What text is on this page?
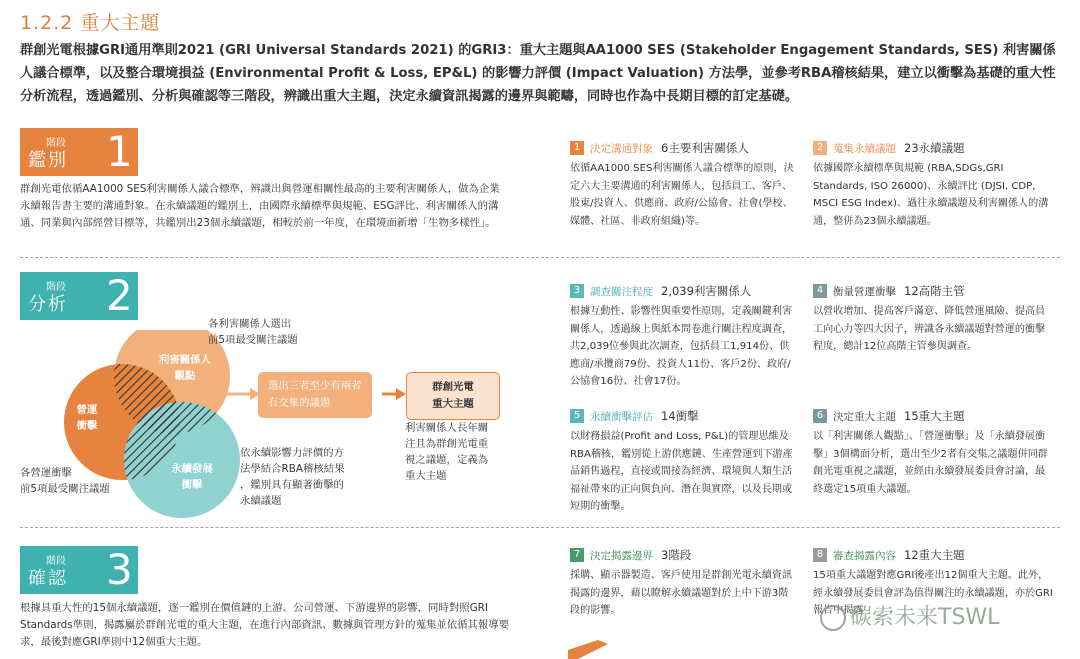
1.2.2 重大主題
群創光電根據GRI通用準則2021 (GRI Universal Standards 2021) 的GRI3：重大主題與AA1000 SES (Stakeholder Engagement Standards, SES) 利害關係人議合標準，以及整合環境損益 (Environmental Profit & Loss, EP&L) 的影響力評價 (Impact Valuation) 方法學，並參考RBA稽核結果，建立以衝擊為基礎的重大性分析流程，透過鑑別、分析與確認等三階段，辨識出重大主題，決定永續資訊揭露的邊界與範疇，同時也作為中長期目標的訂定基礎。
階段
鑑別 1
群創光電依循AA1000 SES利害關係人議合標準，辨識出與營運相關性最高的主要利害關係人，做為企業永續報告書主要的溝通對象。在永續議題的鑑別上，由國際永續標準與規範、ESG評比、利害關係人的溝通、同業與內部經營目標等，共鑑別出23個永續議題，相較於前一年度，在環境面新增「生物多樣性」。
階段
分析 2
利害關係人
觀點
營運
衝擊
永續發展
衝擊
各利害關係人選出
前5項最受關注議題
各營運衝擊
前5項最受關注議題
依永續影響力評價的方
法學結合RBA稽核結果
，鑑別具有顯著衝擊的
永續議題
選出三者至少有兩者
有交集的議題
群創光電
重大主題
利害關係人長年關
注且為群創光電重
視之議題，定義為
重大主題
階段
確認 3
根據具重大性的15個永續議題，逐一鑑別在價值鏈的上游、公司營運、下游邊界的影響，同時對照GRI Standards準則，揭露屬於群創光電的重大主題，在進行內部資訊、數據與管理方針的蒐集並依循其報導要求，最後對應GRI準則中12個重大主題。
1 決定溝通對象 6主要利害關係人
依循AA1000 SES利害關係人議合標準的原則，決定六大主要溝通的利害關係人，包括員工、客戶、股東/投資人、供應商、政府/公協會、社會(學校、媒體、社區、非政府組織)等。
2 蒐集永續議題 23永續議題
依據國際永續標準與規範 (RBA,SDGs,GRI Standards, ISO 26000)、永續評比 (DJSI, CDP, MSCI ESG Index)、過往永續議題及利害關係人的溝通，整併為23個永續議題。
3 調查關注程度 2,039利害關係人
根據互動性、影響性與重要性原則，定義關鍵利害關係人，透過線上與紙本問卷進行關注程度調查，共2,039位參與此次調查，包括員工1,914份、供應商/承攬商79份、投資人11份、客戶2份、政府/公協會16份、社會17份。
4 衡量營運衝擊 12高階主管
以營收增加、提高客戶滿意、降低營運風險、提高員工向心力等四大因子，辨識各永續議題對營運的衝擊程度，總計12位高階主管參與調查。
5 永續衝擊評估 14衝擊
以財務損益(Profit and Loss, P&L)的管理思維及RBA稽核，鑑別從上游供應鏈、生產營運到下游產品銷售過程，直接或間接為經濟、環境與人類生活福祉帶來的正向與負向、潛在與實際，以及長期或短期的衝擊。
6 決定重大主題 15重大主題
以「利害關係人觀點」、「營運衝擊」及「永續發展衝擊」3個構面分析，選出至少2者有交集之議題併同群創光電重視之議題，並經由永續發展委員會討論，最終選定15項重大議題。
7 決定揭露邊界 3階段
採購、顯示器製造、客戶使用是群創光電永續資訊揭露的邊界，藉以瞭解永續議題對於上中下游3階段的影響。
8 審查揭露內容 12重大主題
15項重大議題對應GRI後產出12個重大主題。此外，經永續發展委員會評為值得關注的永續議題，亦於GRI報告中揭露
碳索未来TSWL
